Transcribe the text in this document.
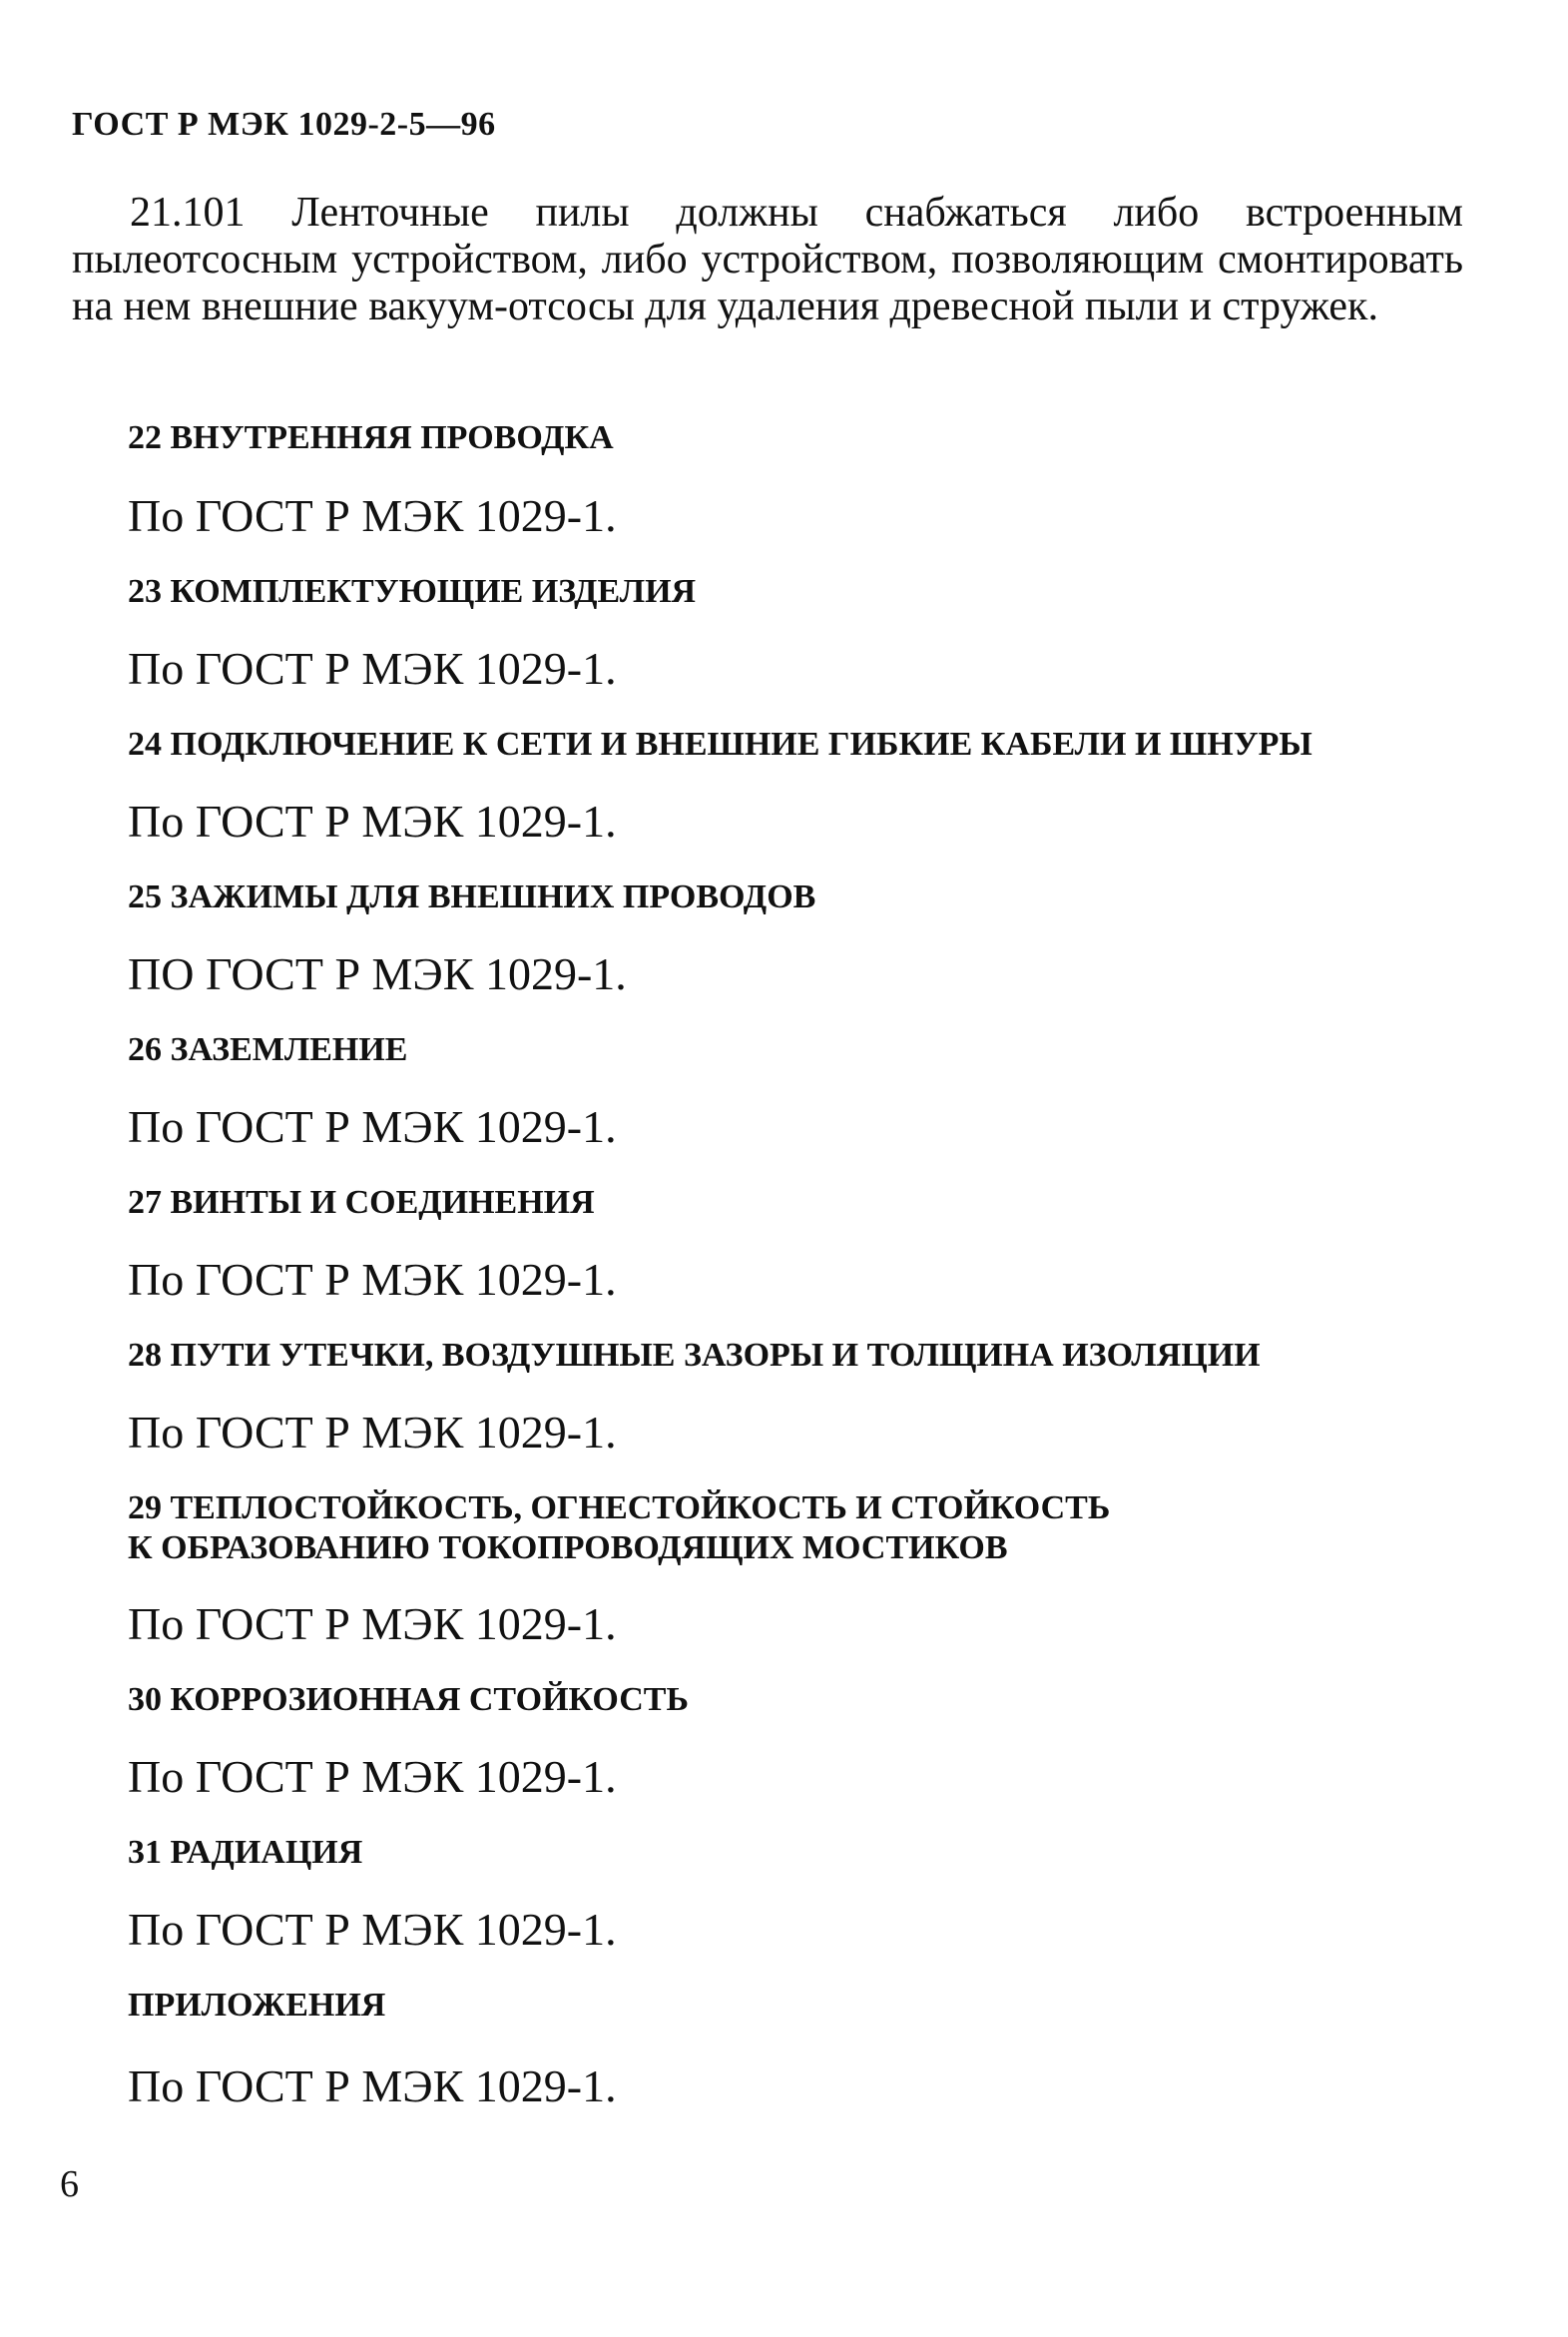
ГОСТ Р МЭК 1029-2-5—96

21.101 Ленточные пилы должны снабжаться либо встроенным пылеотсосным устройством, либо устройством, позволяющим смонтировать на нем внешние вакуум-отсосы для удаления древесной пыли и стружек.

22 ВНУТРЕННЯЯ ПРОВОДКА
По ГОСТ Р МЭК 1029-1.
23 КОМПЛЕКТУЮЩИЕ ИЗДЕЛИЯ
По ГОСТ Р МЭК 1029-1.
24 ПОДКЛЮЧЕНИЕ К СЕТИ И ВНЕШНИЕ ГИБКИЕ КАБЕЛИ И ШНУРЫ
По ГОСТ Р МЭК 1029-1.
25 ЗАЖИМЫ ДЛЯ ВНЕШНИХ ПРОВОДОВ
ПО ГОСТ Р МЭК 1029-1.
26 ЗАЗЕМЛЕНИЕ
По ГОСТ Р МЭК 1029-1.
27 ВИНТЫ И СОЕДИНЕНИЯ
По ГОСТ Р МЭК 1029-1.
28 ПУТИ УТЕЧКИ, ВОЗДУШНЫЕ ЗАЗОРЫ И ТОЛЩИНА ИЗОЛЯЦИИ
По ГОСТ Р МЭК 1029-1.
29 ТЕПЛОСТОЙКОСТЬ, ОГНЕСТОЙКОСТЬ И СТОЙКОСТЬ
К ОБРАЗОВАНИЮ ТОКОПРОВОДЯЩИХ МОСТИКОВ
По ГОСТ Р МЭК 1029-1.
30 КОРРОЗИОННАЯ СТОЙКОСТЬ
По ГОСТ Р МЭК 1029-1.
31 РАДИАЦИЯ
По ГОСТ Р МЭК 1029-1.
ПРИЛОЖЕНИЯ
По ГОСТ Р МЭК 1029-1.
6
